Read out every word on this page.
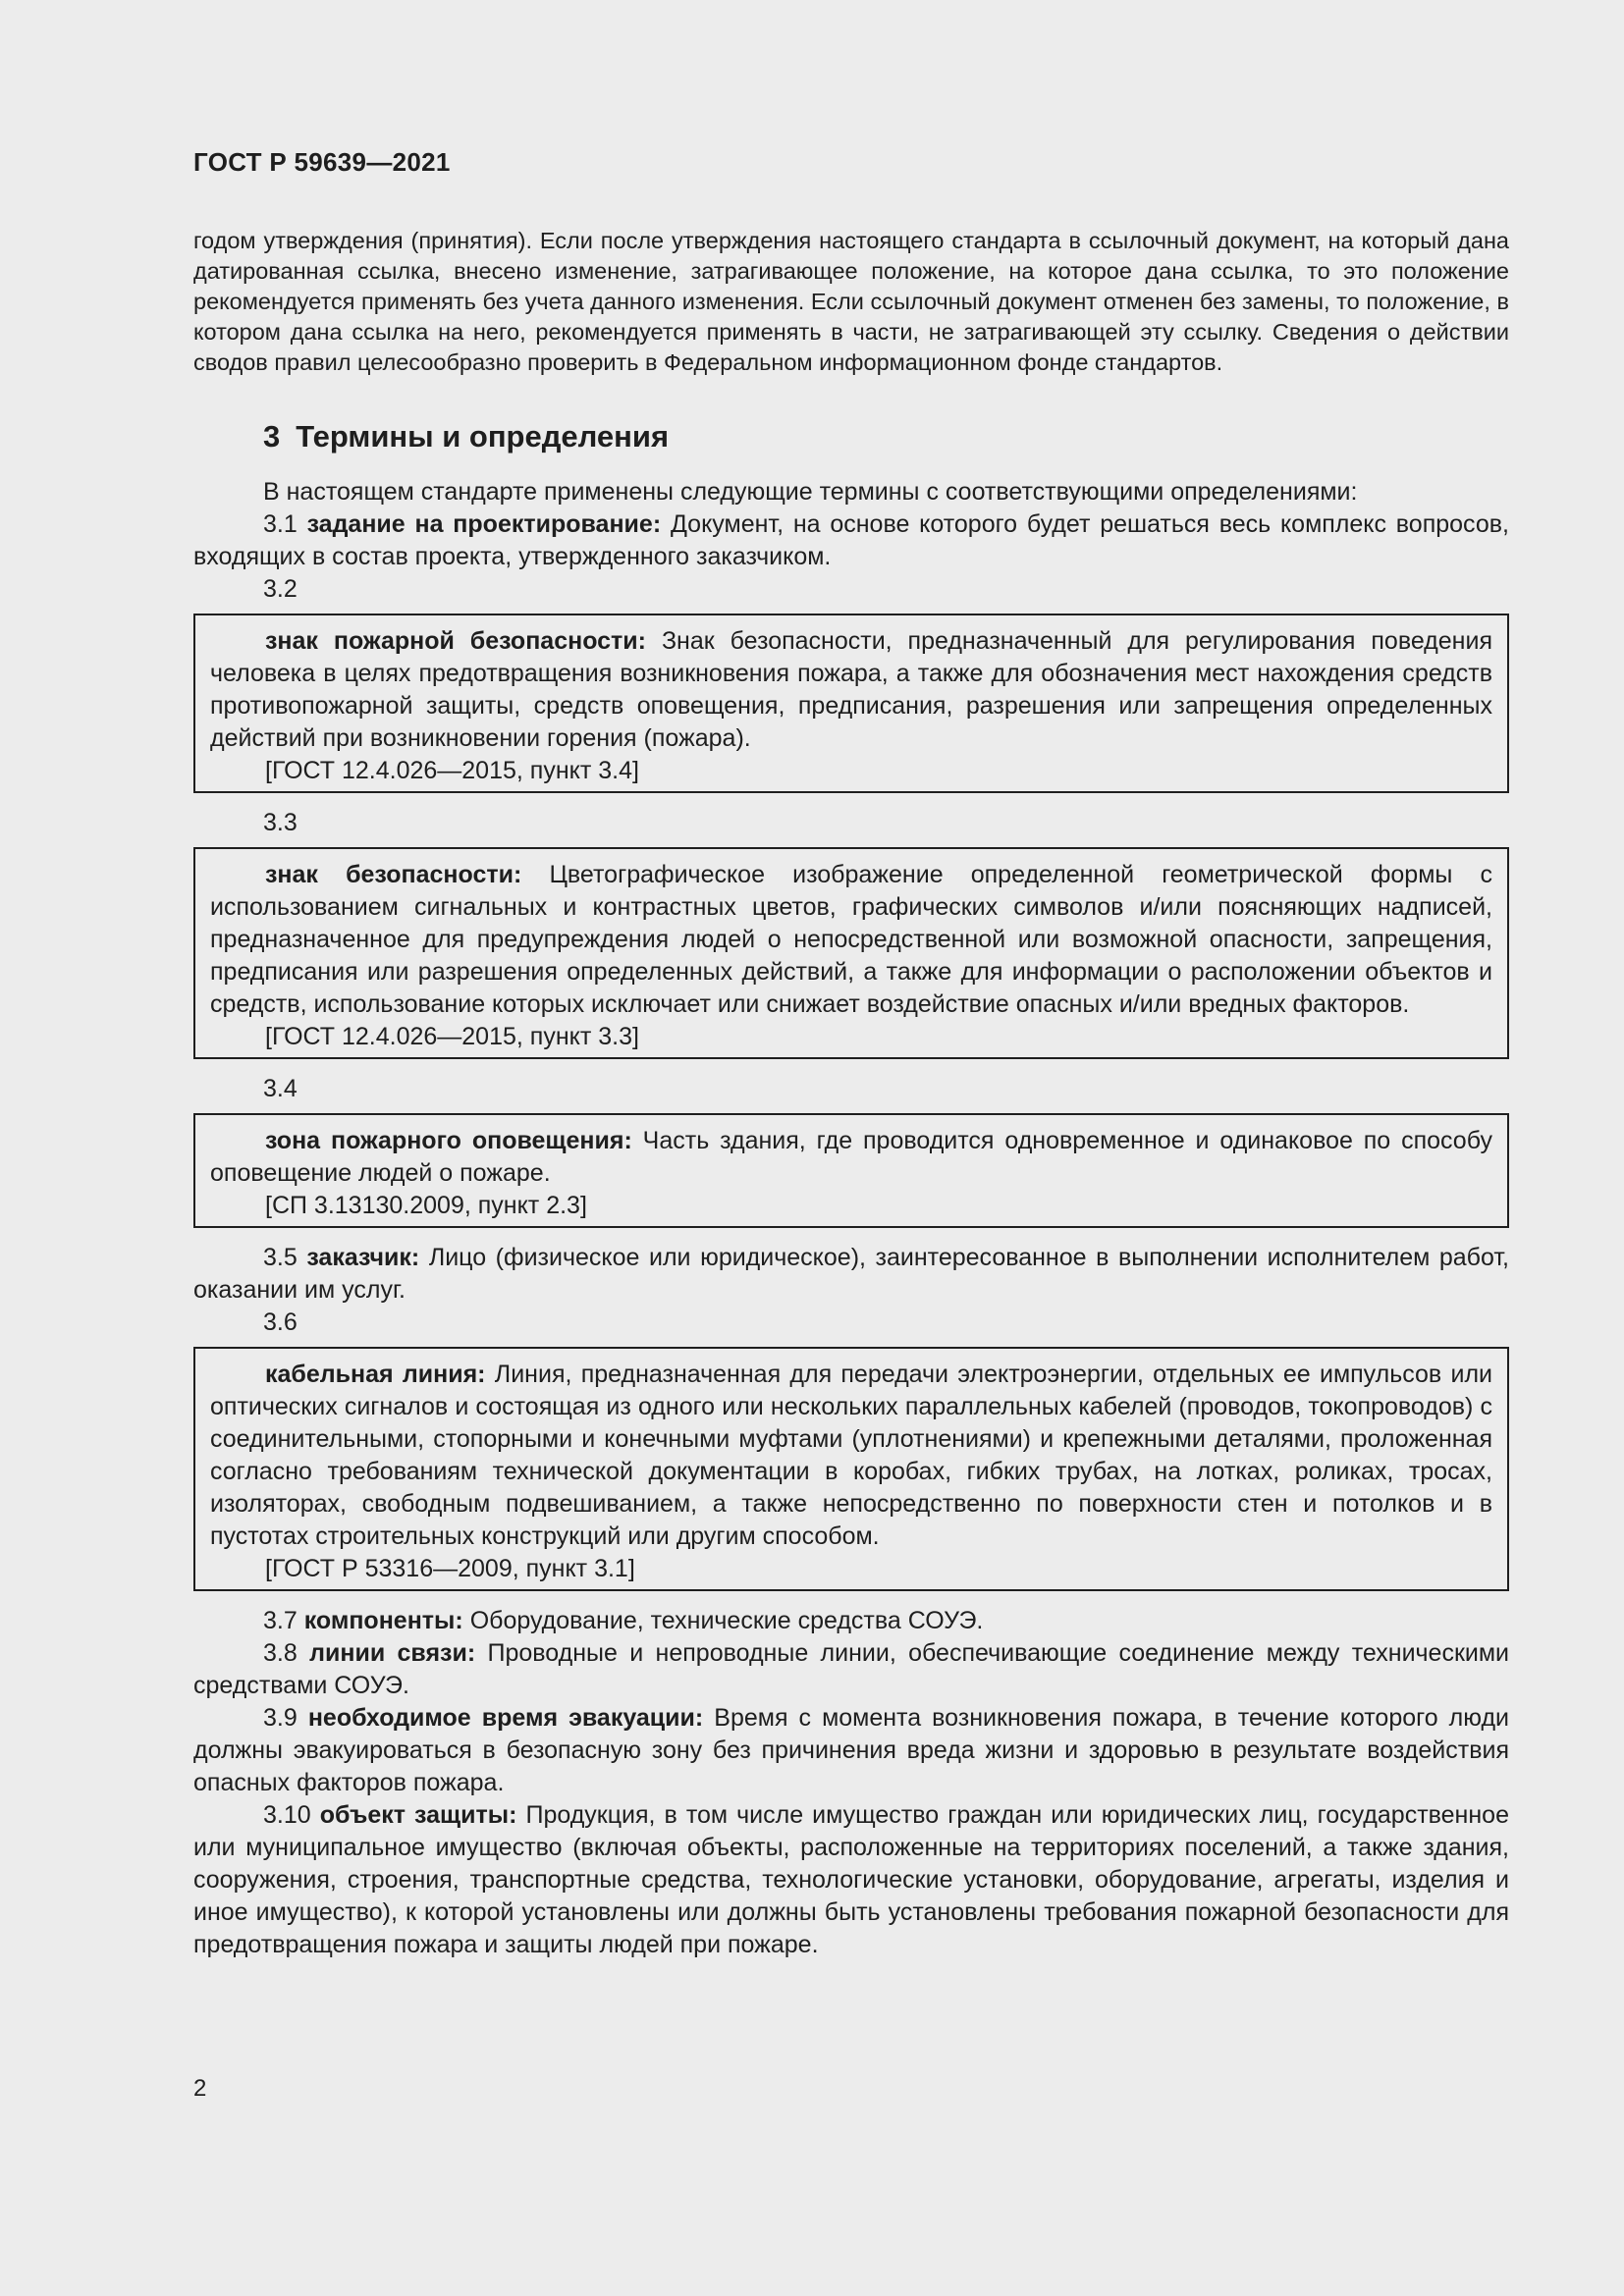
ГОСТ Р 59639—2021

годом утверждения (принятия). Если после утверждения настоящего стандарта в ссылочный документ, на который дана датированная ссылка, внесено изменение, затрагивающее положение, на которое дана ссылка, то это положение рекомендуется применять без учета данного изменения. Если ссылочный документ отменен без замены, то положение, в котором дана ссылка на него, рекомендуется применять в части, не затрагивающей эту ссылку. Сведения о действии сводов правил целесообразно проверить в Федеральном информационном фонде стандартов.

3 Термины и определения

В настоящем стандарте применены следующие термины с соответствующими определениями:

3.1 задание на проектирование: Документ, на основе которого будет решаться весь комплекс вопросов, входящих в состав проекта, утвержденного заказчиком.

3.2

знак пожарной безопасности: Знак безопасности, предназначенный для регулирования поведения человека в целях предотвращения возникновения пожара, а также для обозначения мест нахождения средств противопожарной защиты, средств оповещения, предписания, разрешения или запрещения определенных действий при возникновении горения (пожара).

[ГОСТ 12.4.026—2015, пункт 3.4]

3.3

знак безопасности: Цветографическое изображение определенной геометрической формы с использованием сигнальных и контрастных цветов, графических символов и/или поясняющих надписей, предназначенное для предупреждения людей о непосредственной или возможной опасности, запрещения, предписания или разрешения определенных действий, а также для информации о расположении объектов и средств, использование которых исключает или снижает воздействие опасных и/или вредных факторов.

[ГОСТ 12.4.026—2015, пункт 3.3]

3.4

зона пожарного оповещения: Часть здания, где проводится одновременное и одинаковое по способу оповещение людей о пожаре.

[СП 3.13130.2009, пункт 2.3]

3.5 заказчик: Лицо (физическое или юридическое), заинтересованное в выполнении исполнителем работ, оказании им услуг.

3.6

кабельная линия: Линия, предназначенная для передачи электроэнергии, отдельных ее импульсов или оптических сигналов и состоящая из одного или нескольких параллельных кабелей (проводов, токопроводов) с соединительными, стопорными и конечными муфтами (уплотнениями) и крепежными деталями, проложенная согласно требованиям технической документации в коробах, гибких трубах, на лотках, роликах, тросах, изоляторах, свободным подвешиванием, а также непосредственно по поверхности стен и потолков и в пустотах строительных конструкций или другим способом.

[ГОСТ Р 53316—2009, пункт 3.1]

3.7 компоненты: Оборудование, технические средства СОУЭ.

3.8 линии связи: Проводные и непроводные линии, обеспечивающие соединение между техническими средствами СОУЭ.

3.9 необходимое время эвакуации: Время с момента возникновения пожара, в течение которого люди должны эвакуироваться в безопасную зону без причинения вреда жизни и здоровью в результате воздействия опасных факторов пожара.

3.10 объект защиты: Продукция, в том числе имущество граждан или юридических лиц, государственное или муниципальное имущество (включая объекты, расположенные на территориях поселений, а также здания, сооружения, строения, транспортные средства, технологические установки, оборудование, агрегаты, изделия и иное имущество), к которой установлены или должны быть установлены требования пожарной безопасности для предотвращения пожара и защиты людей при пожаре.

2
